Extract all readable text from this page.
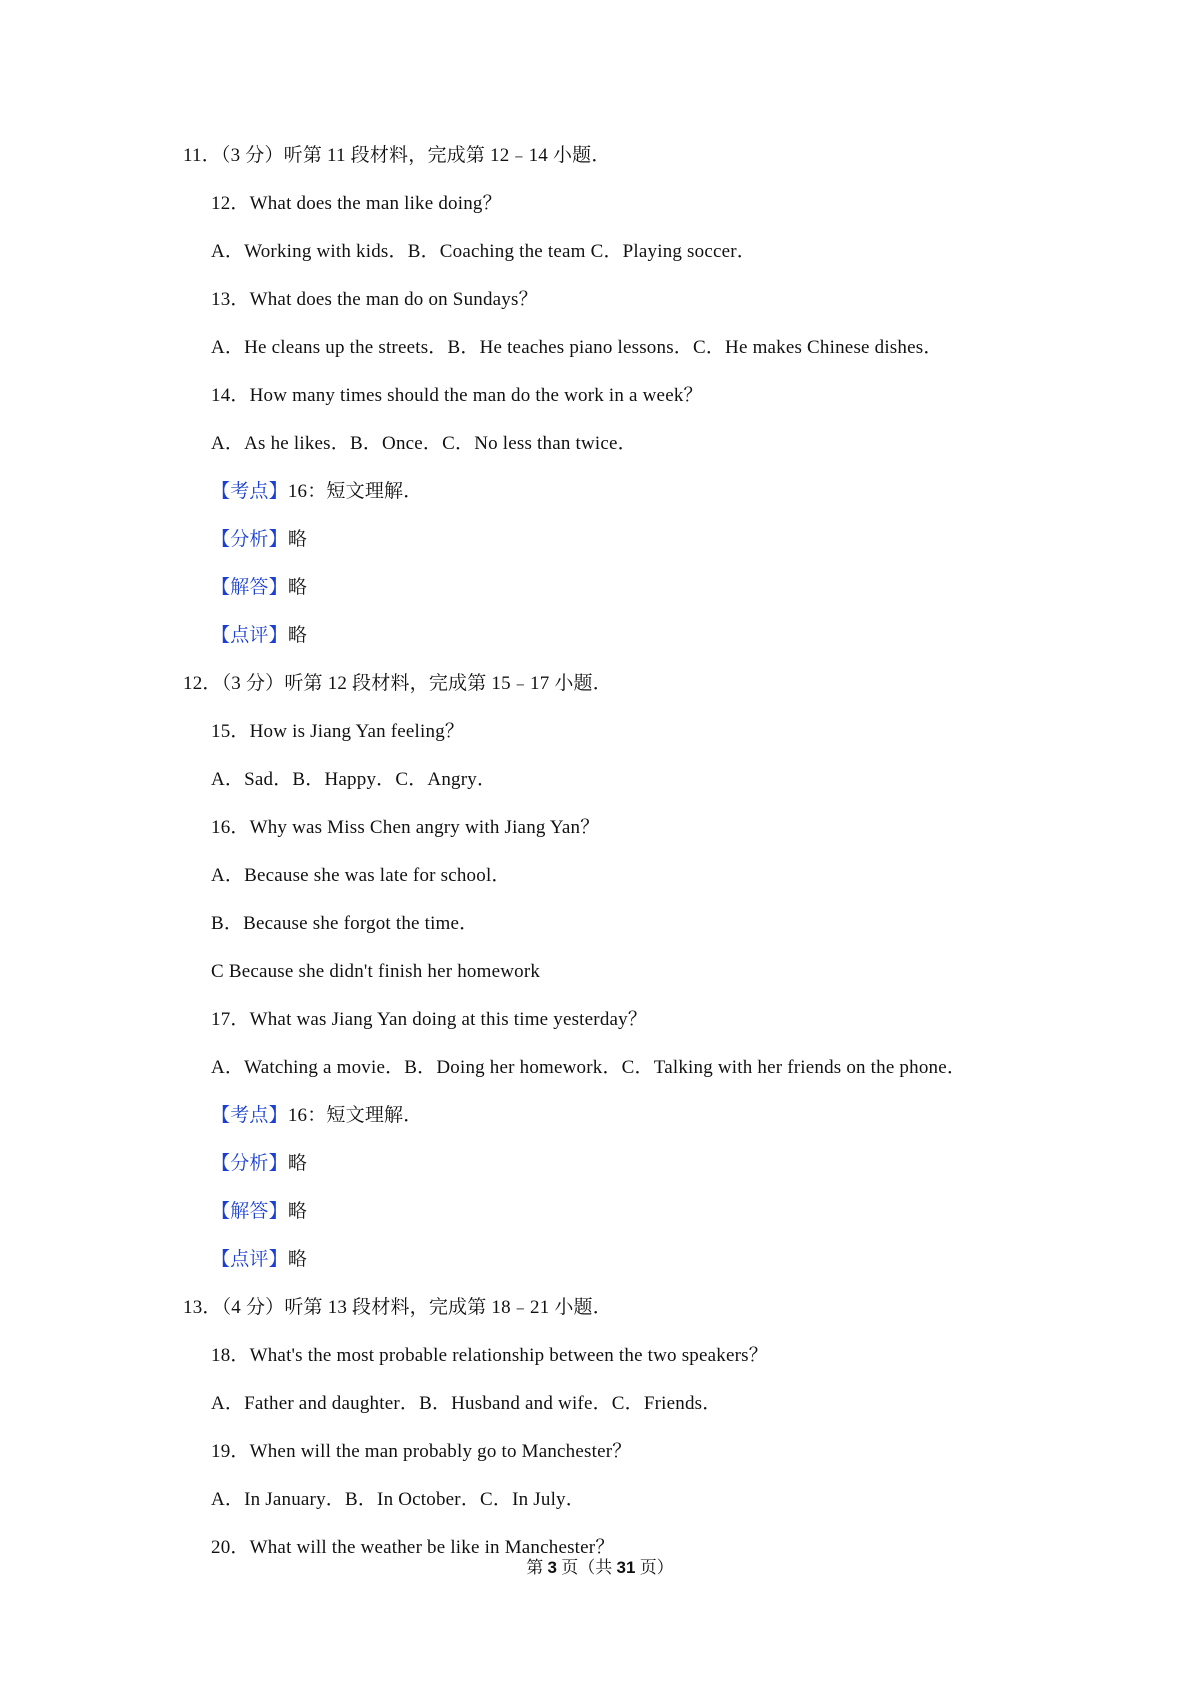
11．（3 分）听第 11 段材料，完成第 12﹣14 小题．
12．What does the man like doing？
A．Working with kids．B．Coaching the team C．Playing soccer．
13．What does the man do on Sundays？
A．He cleans up the streets．B．He teaches piano lessons．C．He makes Chinese dishes．
14．How many times should the man do the work in a week？
A．As he likes．B．Once．C．No less than twice．
【考点】16：短文理解．
【分析】略
【解答】略
【点评】略
12．（3 分）听第 12 段材料，完成第 15﹣17 小题．
15．How is Jiang Yan feeling？
A．Sad．B．Happy．C．Angry．
16．Why was Miss Chen angry with Jiang Yan？
A．Because she was late for school．
B．Because she forgot the time．
C Because she didn't finish her homework
17．What was Jiang Yan doing at this time yesterday？
A．Watching a movie．B．Doing her homework．C．Talking with her friends on the phone．
【考点】16：短文理解．
【分析】略
【解答】略
【点评】略
13．（4 分）听第 13 段材料，完成第 18﹣21 小题．
18．What's the most probable relationship between the two speakers？
A．Father and daughter．B．Husband and wife．C．Friends．
19．When will the man probably go to Manchester？
A．In January．B．In October．C．In July．
20．What will the weather be like in Manchester？
第 3 页（共 31 页）
